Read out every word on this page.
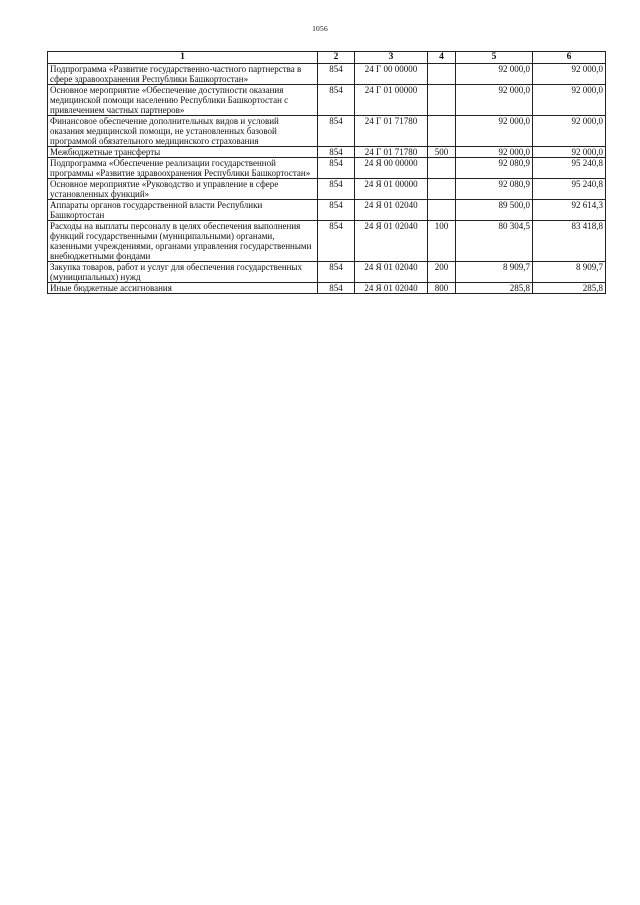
1056
1	2	3	4	5	6
Подпрограмма «Развитие государственно-частного партнерства в сфере здравоохранения Республики Башкортостан»	854	24 Г 00 00000		92 000,0	92 000,0
Основное мероприятие «Обеспечение доступности оказания медицинской помощи населению Республики Башкортостан с привлечением частных партнеров»	854	24 Г 01 00000		92 000,0	92 000,0
Финансовое обеспечение дополнительных видов и условий оказания медицинской помощи, не установленных базовой программой обязательного медицинского страхования	854	24 Г 01 71780		92 000,0	92 000,0
Межбюджетные трансферты	854	24 Г 01 71780	500	92 000,0	92 000,0
Подпрограмма «Обеспечение реализации государственной программы «Развитие здравоохранения Республики Башкортостан»	854	24 Я 00 00000		92 080,9	95 240,8
Основное мероприятие «Руководство и управление в сфере установленных функций»	854	24 Я 01 00000		92 080,9	95 240,8
Аппараты органов государственной власти Республики Башкортостан	854	24 Я 01 02040		89 500,0	92 614,3
Расходы на выплаты персоналу в целях обеспечения выполнения функций государственными (муниципальными) органами, казенными учреждениями, органами управления государственными внебюджетными фондами	854	24 Я 01 02040	100	80 304,5	83 418,8
Закупка товаров, работ и услуг для обеспечения государственных (муниципальных) нужд	854	24 Я 01 02040	200	8 909,7	8 909,7
Иные бюджетные ассигнования	854	24 Я 01 02040	800	285,8	285,8
